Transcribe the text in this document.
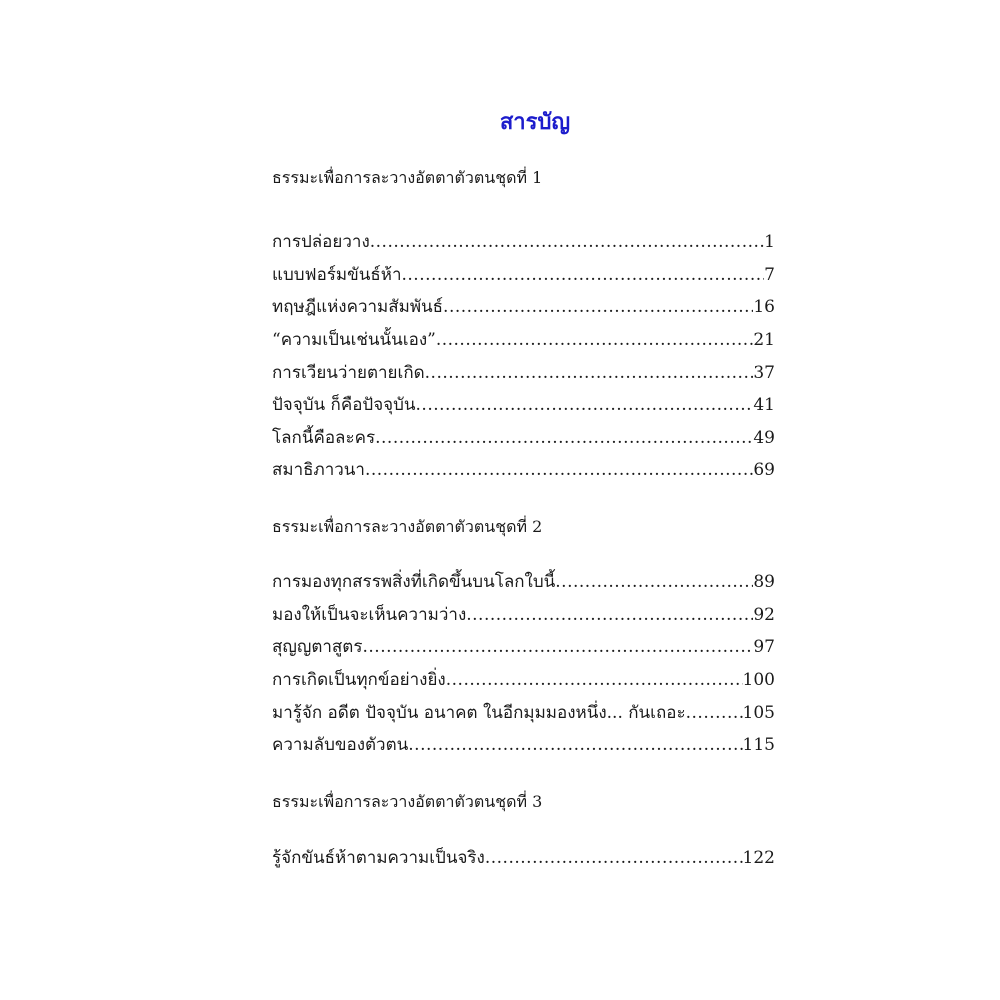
สารบัญ
ธรรมะเพื่อการละวางอัตตาตัวตนชุดที่ 1
การปล่อยวาง .....	1
แบบฟอร์มขันธ์ห้า .....	7
ทฤษฎีแห่งความสัมพันธ์ .....	16
“ความเป็นเช่นนั้นเอง” .....	21
การเวียนว่ายตายเกิด .....	37
ปัจจุบัน ก็คือปัจจุบัน .....	41
โลกนี้คือละคร .....	49
สมาธิภาวนา .....	69
ธรรมะเพื่อการละวางอัตตาตัวตนชุดที่ 2
การมองทุกสรรพสิ่งที่เกิดขึ้นบนโลกใบนี้ .....	89
มองให้เป็นจะเห็นความว่าง .....	92
สุญญตาสูตร .....	97
การเกิดเป็นทุกข์อย่างยิ่ง .....	100
มารู้จัก อดีต ปัจจุบัน อนาคต ในอีกมุมมองหนึ่ง... กันเถอะ .....	105
ความลับของตัวตน .....	115
ธรรมะเพื่อการละวางอัตตาตัวตนชุดที่ 3
รู้จักขันธ์ห้าตามความเป็นจริง .....	122
